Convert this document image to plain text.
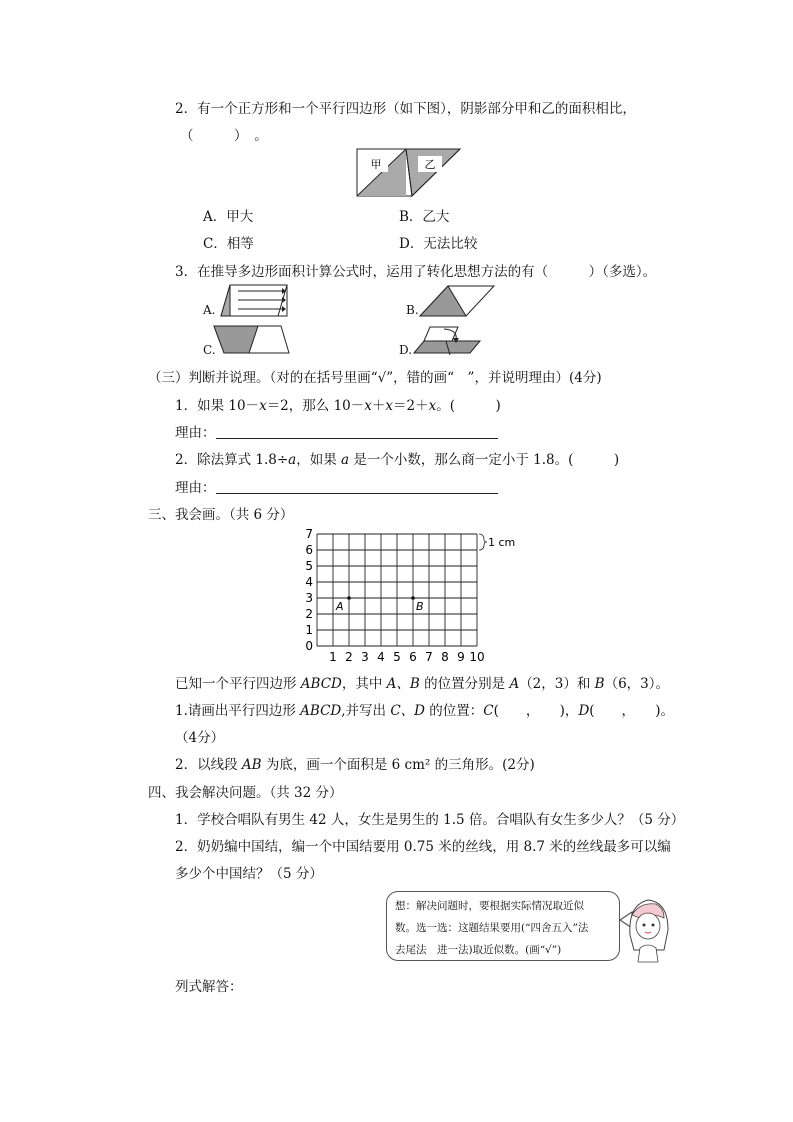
2．有一个正方形和一个平行四边形（如下图），阴影部分甲和乙的面积相比，
（　　　）　。
甲	乙
A．甲大	B．乙大
C．相等	D．无法比较
3．在推导多边形面积计算公式时，运用了转化思想方法的有（　　　）（多选）。
A.	B.
C.	D.
（三）判断并说理。（对的在括号里画“√”，错的画“　”，并说明理由）(4分)
1．如果 10－x＝2，那么 10－x＋x＝2＋x。(　　　)
理由：
2．除法算式 1.8÷a，如果 a 是一个小数，那么商一定小于 1.8。(　　　)
理由：
三、我会画。（共 6 分）
0
1
2
3
4
5
6
7
1 2 3 4 5 6 7 8 9 10
1 cm
A	B
已知一个平行四边形 ABCD，其中 A、B 的位置分别是 A（2，3）和 B（6，3）。
1.请画出平行四边形 ABCD,并写出 C、D 的位置：C(　　，　　)，D(　　，　　)。
（4分）
2．以线段 AB 为底，画一个面积是 6 cm² 的三角形。(2分)
四、我会解决问题。（共 32 分）
1．学校合唱队有男生 42 人，女生是男生的 1.5 倍。合唱队有女生多少人？（5 分）
2．奶奶编中国结，编一个中国结要用 0.75 米的丝线，用 8.7 米的丝线最多可以编
多少个中国结？（5 分）
想：解决问题时，要根据实际情况取近似
数。选一选：这题结果要用(“四舍五入”法
去尾法　进一法)取近似数。(画“√”)
列式解答：
